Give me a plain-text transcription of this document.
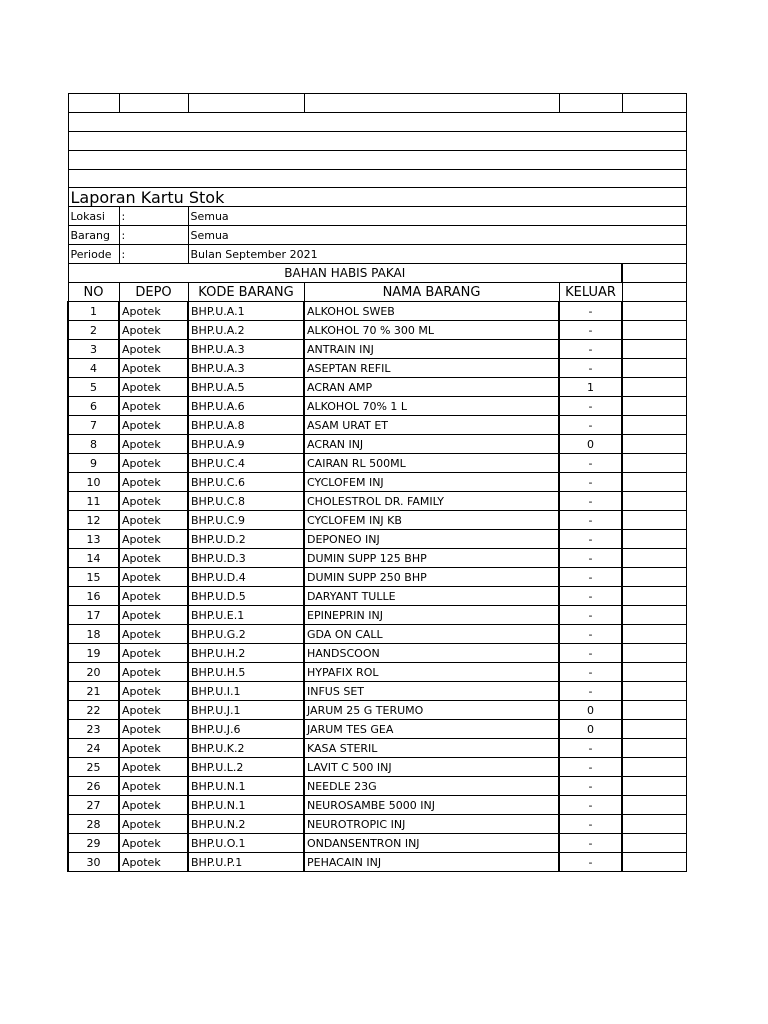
Laporan Kartu Stok					
Lokasi	:	Semua			
Barang	:	Semua			
Periode	:	Bulan September 2021			
BAHAN HABIS PAKAI					
NO	DEPO	KODE BARANG	NAMA BARANG	KELUAR	
1	Apotek	BHP.U.A.1	ALKOHOL SWEB	-	
2	Apotek	BHP.U.A.2	ALKOHOL 70 % 300 ML	-	
3	Apotek	BHP.U.A.3	ANTRAIN INJ	-	
4	Apotek	BHP.U.A.3	ASEPTAN REFIL	-	
5	Apotek	BHP.U.A.5	ACRAN AMP	1	
6	Apotek	BHP.U.A.6	ALKOHOL 70% 1 L	-	
7	Apotek	BHP.U.A.8	ASAM URAT ET	-	
8	Apotek	BHP.U.A.9	ACRAN INJ	0	
9	Apotek	BHP.U.C.4	CAIRAN RL 500ML	-	
10	Apotek	BHP.U.C.6	CYCLOFEM INJ	-	
11	Apotek	BHP.U.C.8	CHOLESTROL DR. FAMILY	-	
12	Apotek	BHP.U.C.9	CYCLOFEM INJ KB	-	
13	Apotek	BHP.U.D.2	DEPONEO INJ	-	
14	Apotek	BHP.U.D.3	DUMIN SUPP 125 BHP	-	
15	Apotek	BHP.U.D.4	DUMIN SUPP 250 BHP	-	
16	Apotek	BHP.U.D.5	DARYANT TULLE	-	
17	Apotek	BHP.U.E.1	EPINEPRIN INJ	-	
18	Apotek	BHP.U.G.2	GDA ON CALL	-	
19	Apotek	BHP.U.H.2	HANDSCOON	-	
20	Apotek	BHP.U.H.5	HYPAFIX ROL	-	
21	Apotek	BHP.U.I.1	INFUS SET	-	
22	Apotek	BHP.U.J.1	JARUM 25 G TERUMO	0	
23	Apotek	BHP.U.J.6	JARUM TES GEA	0	
24	Apotek	BHP.U.K.2	KASA STERIL	-	
25	Apotek	BHP.U.L.2	LAVIT C 500 INJ	-	
26	Apotek	BHP.U.N.1	NEEDLE 23G	-	
27	Apotek	BHP.U.N.1	NEUROSAMBE 5000 INJ	-	
28	Apotek	BHP.U.N.2	NEUROTROPIC INJ	-	
29	Apotek	BHP.U.O.1	ONDANSENTRON INJ	-	
30	Apotek	BHP.U.P.1	PEHACAIN INJ	-	
